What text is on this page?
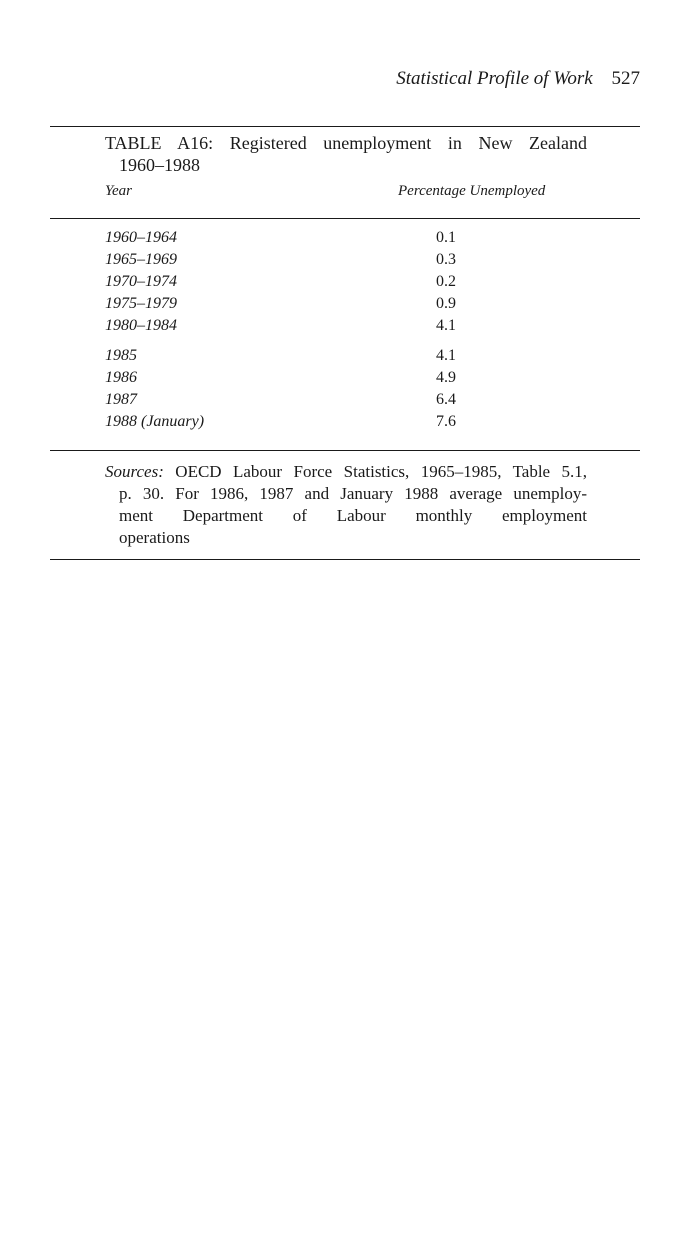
Statistical Profile of Work 527
TABLE A16: Registered unemployment in New Zealand
1960–1988
Year	Percentage Unemployed
1960–1964	0.1
1965–1969	0.3
1970–1974	0.2
1975–1979	0.9
1980–1984	4.1
1985	4.1
1986	4.9
1987	6.4
1988 (January)	7.6
Sources: OECD Labour Force Statistics, 1965–1985, Table 5.1,
p. 30. For 1986, 1987 and January 1988 average unemploy-
ment Department of Labour monthly employment
operations
